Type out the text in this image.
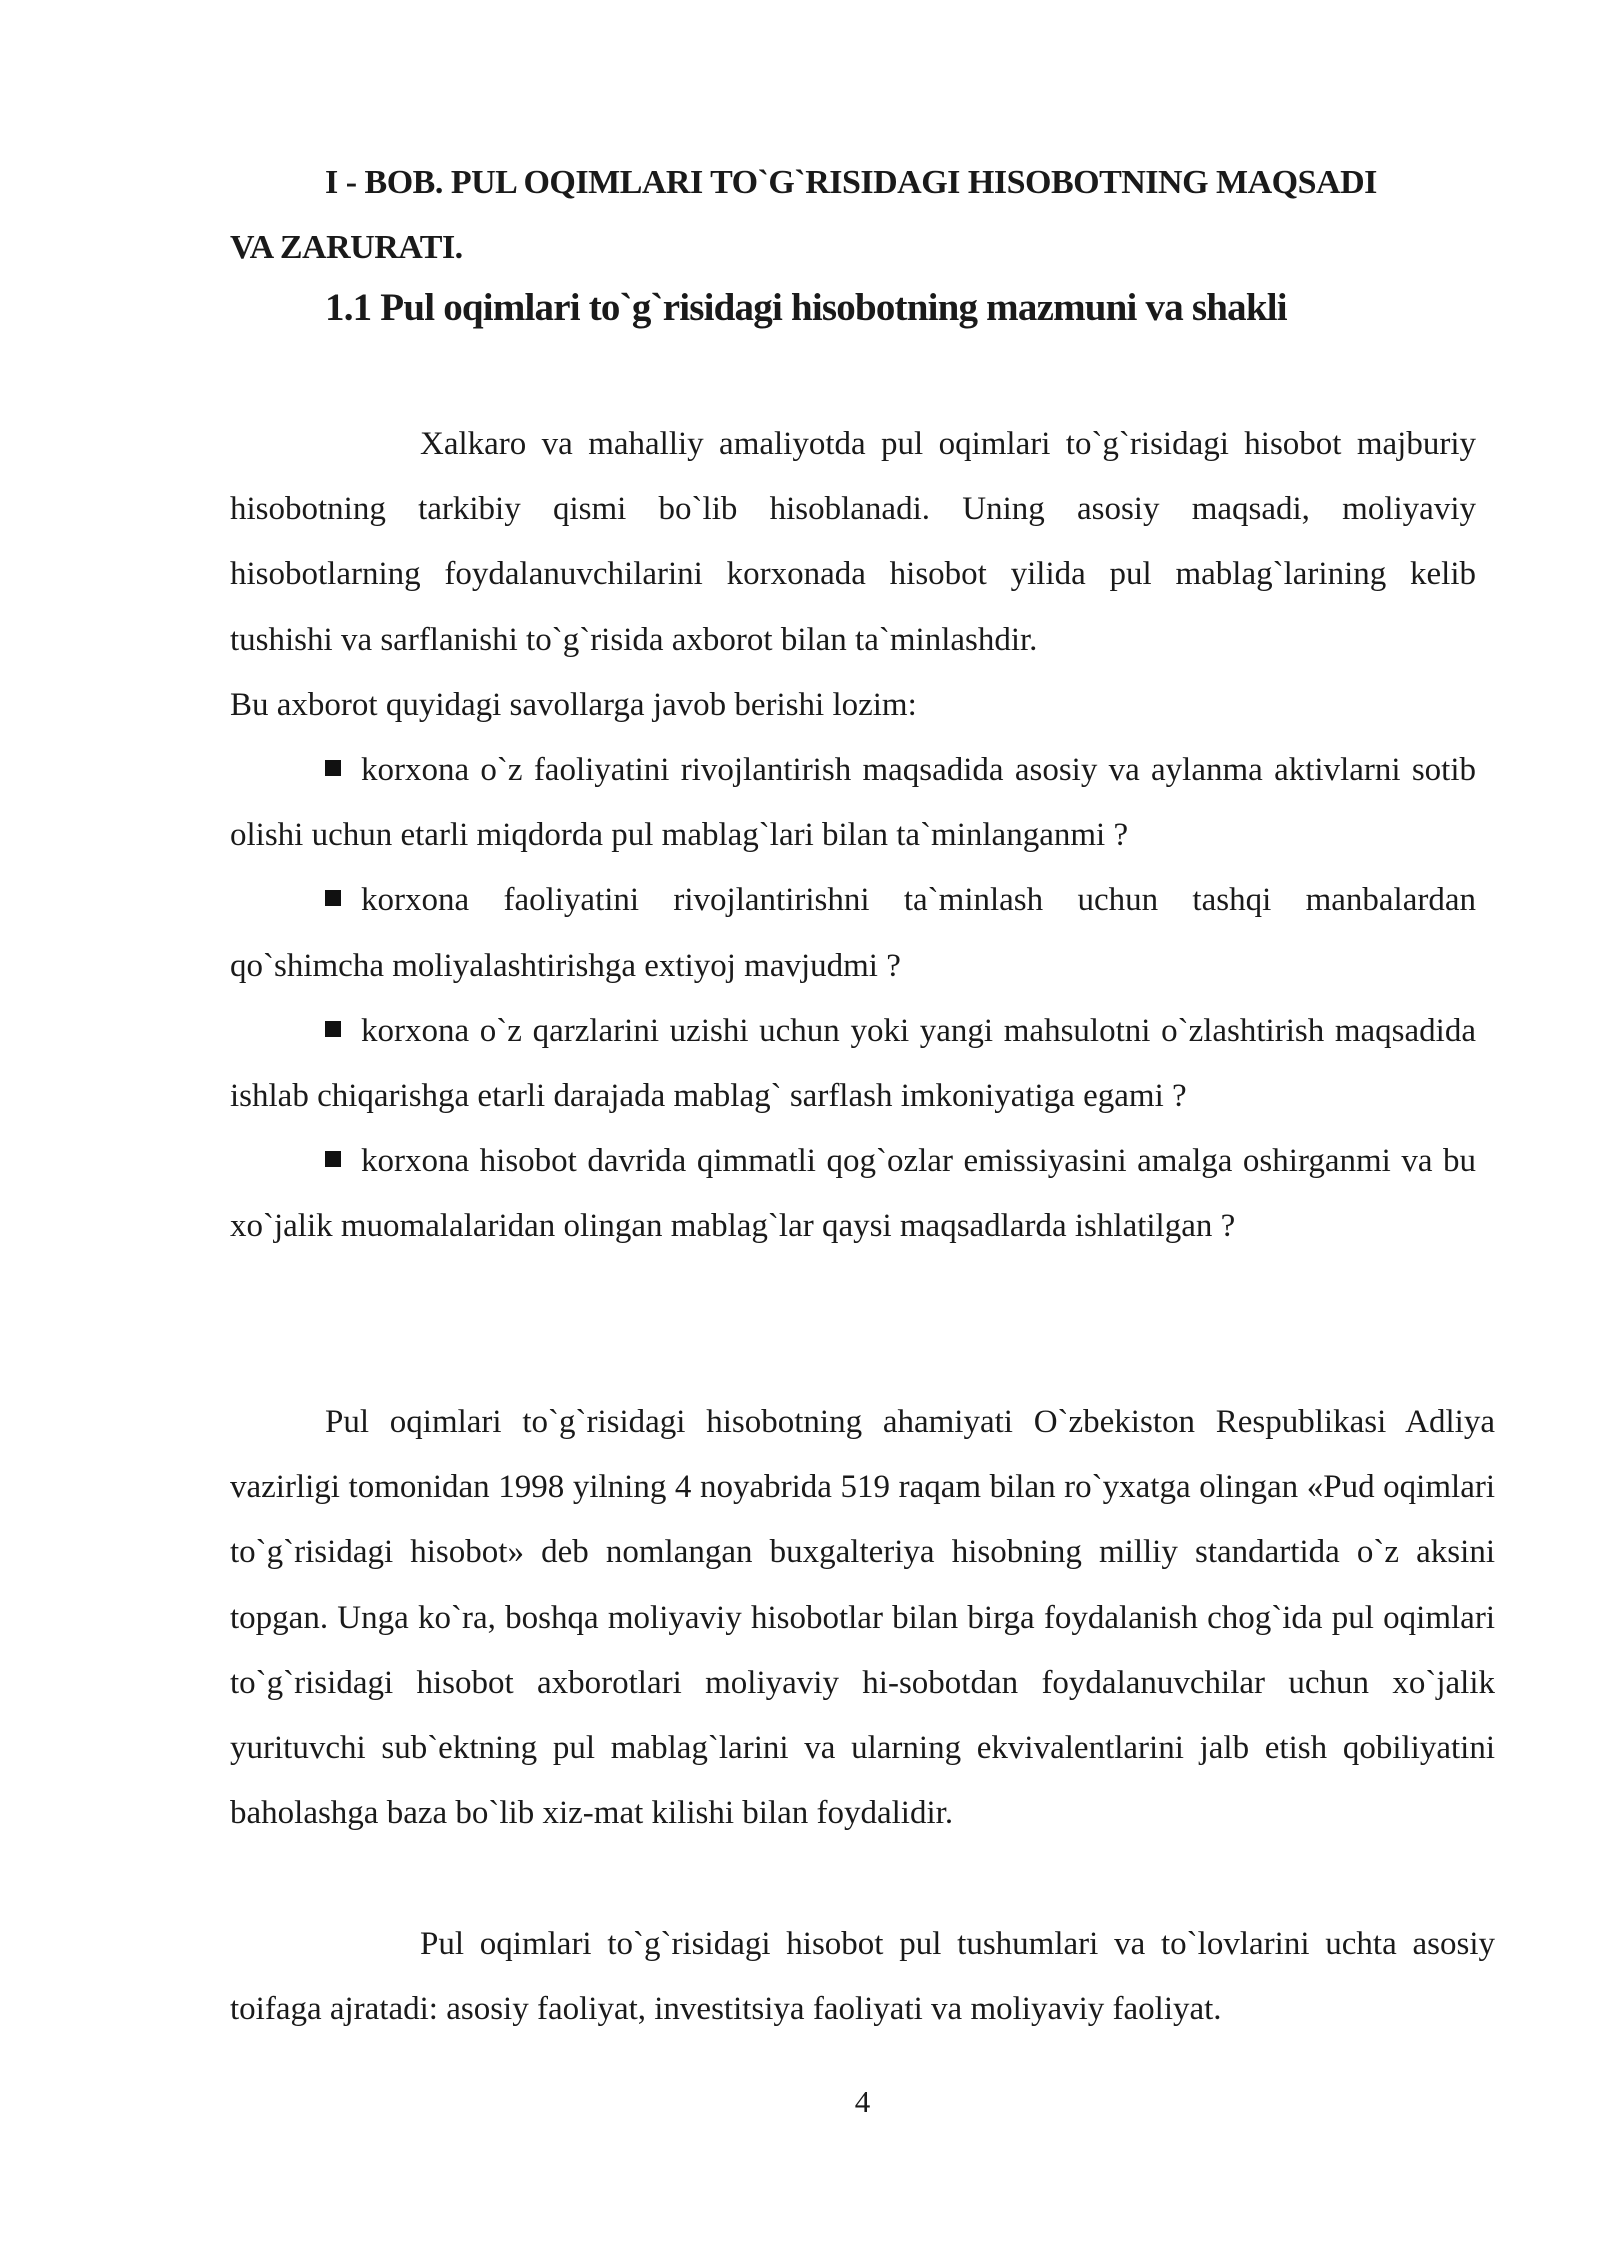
I - BOB. PUL OQIMLARI TO`G`RISIDAGI HISOBOTNING MAQSADI
VA ZARURATI.
1.1 Pul oqimlari to`g`risidagi hisobotning mazmuni va shakli

Xalkaro va mahalliy amaliyotda pul oqimlari to`g`risidagi hisobot majburiy hisobotning tarkibiy qismi bo`lib hisoblanadi. Uning asosiy maqsadi, moliyaviy hisobotlarning foydalanuvchilarini korxonada hisobot yilida pul mablag`larining kelib tushishi va sarflanishi to`g`risida axborot bilan ta`minlashdir.

Bu axborot quyidagi savollarga javob berishi lozim:

korxona o`z faoliyatini rivojlantirish maqsadida asosiy va aylanma aktivlarni sotib olishi uchun etarli miqdorda pul mablag`lari bilan ta`minlanganmi ?
korxona faoliyatini rivojlantirishni ta`minlash uchun tashqi manbalardan qo`shimcha moliyalashtirishga extiyoj mavjudmi ?
korxona o`z qarzlarini uzishi uchun yoki yangi mahsulotni o`zlashtirish maqsadida ishlab chiqarishga etarli darajada mablag` sarflash imkoniyatiga egami ?
korxona hisobot davrida qimmatli qog`ozlar emissiyasini amalga oshirganmi va bu xo`jalik muomalalaridan olingan mablag`lar qaysi maqsadlarda ishlatilgan ?

Pul oqimlari to`g`risidagi hisobotning ahamiyati O`zbekiston Respublikasi Adliya vazirligi tomonidan 1998 yilning 4 noyabrida 519 raqam bilan ro`yxatga olingan «Pud oqimlari to`g`risidagi hisobot» deb nomlangan buxgalteriya hisobning milliy standartida o`z aksini topgan. Unga ko`ra, boshqa moliyaviy hisobotlar bilan birga foydalanish chog`ida pul oqimlari to`g`risidagi hisobot axborotlari moliyaviy hi-sobotdan foydalanuvchilar uchun xo`jalik yurituvchi sub`ektning pul mablag`larini va ularning ekvivalentlarini jalb etish qobiliyatini baholashga baza bo`lib xiz-mat kilishi bilan foydalidir.

Pul oqimlari to`g`risidagi hisobot pul tushumlari va to`lovlarini uchta asosiy toifaga ajratadi: asosiy faoliyat, investitsiya faoliyati va moliyaviy faoliyat.

4
